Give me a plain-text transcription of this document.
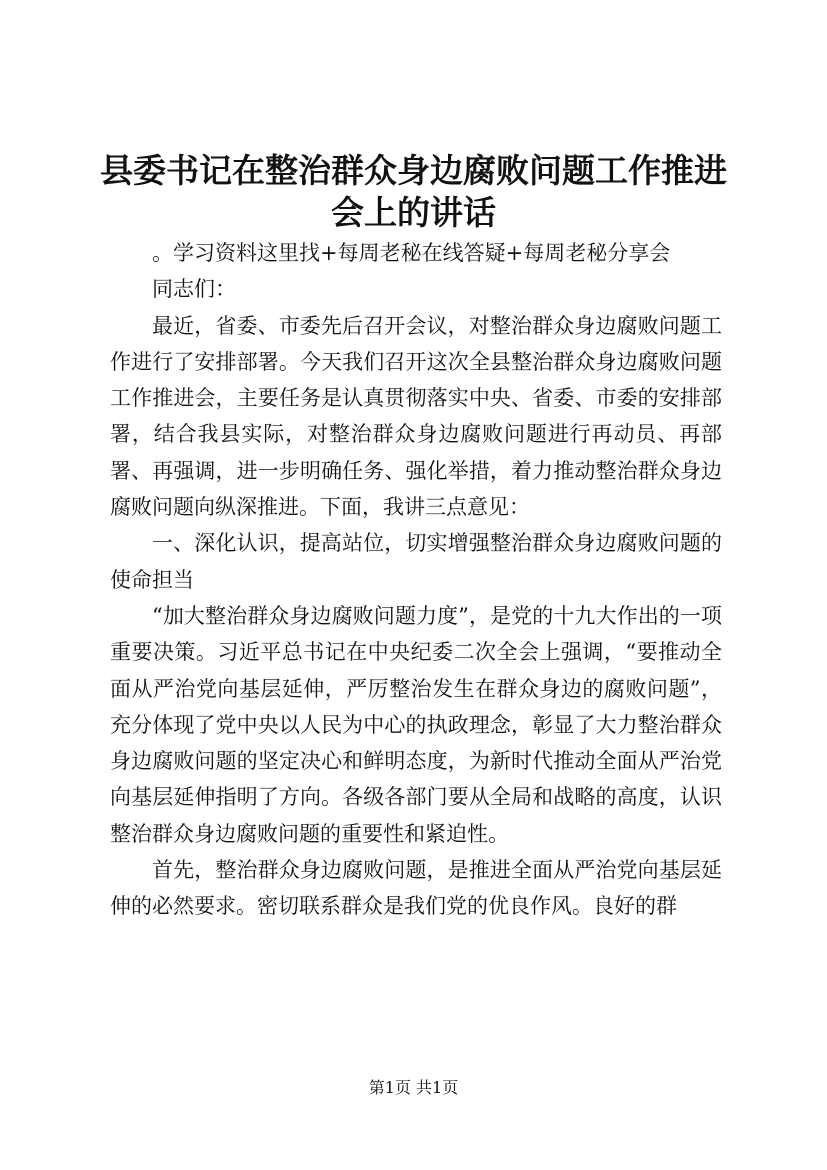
县委书记在整治群众身边腐败问题工作推进会上的讲话

。学习资料这里找+每周老秘在线答疑+每周老秘分享会

同志们：

最近，省委、市委先后召开会议，对整治群众身边腐败问题工作进行了安排部署。今天我们召开这次全县整治群众身边腐败问题工作推进会，主要任务是认真贯彻落实中央、省委、市委的安排部署，结合我县实际，对整治群众身边腐败问题进行再动员、再部署、再强调，进一步明确任务、强化举措，着力推动整治群众身边腐败问题向纵深推进。下面，我讲三点意见：

一、深化认识，提高站位，切实增强整治群众身边腐败问题的使命担当

“加大整治群众身边腐败问题力度”，是党的十九大作出的一项重要决策。习近平总书记在中央纪委二次全会上强调，“要推动全面从严治党向基层延伸，严厉整治发生在群众身边的腐败问题”，充分体现了党中央以人民为中心的执政理念，彰显了大力整治群众身边腐败问题的坚定决心和鲜明态度，为新时代推动全面从严治党向基层延伸指明了方向。各级各部门要从全局和战略的高度，认识整治群众身边腐败问题的重要性和紧迫性。

首先，整治群众身边腐败问题，是推进全面从严治党向基层延伸的必然要求。密切联系群众是我们党的优良作风。良好的群

第1页 共1页
